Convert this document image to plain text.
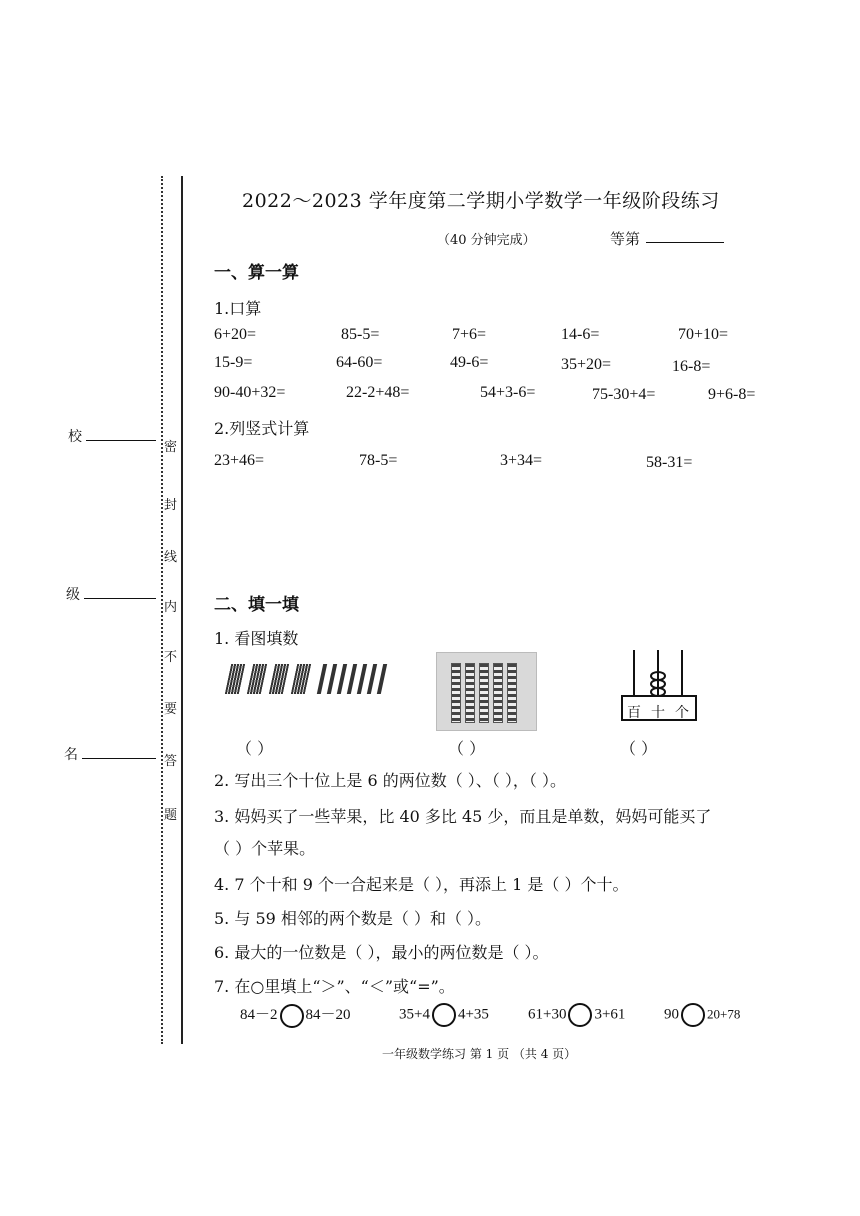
校
级
名
密
封
线
内
不
要
答
题
2022～2023 学年度第二学期小学数学一年级阶段练习
（40 分钟完成）	等第
一、算一算
1.口算
6+20=	85-5=	7+6=	14-6=	70+10=
15-9=	64-60=	49-6=	35+20=	16-8=
90-40+32=	22-2+48=	54+3-6=	75-30+4=	9+6-8=
2.列竖式计算
23+46=	78-5=	3+34=	58-31=
二、填一填
1. 看图填数
百 十 个
（ ）	（ ）	（ ）
2. 写出三个十位上是 6 的两位数（ ）、（ ），（ ）。
3. 妈妈买了一些苹果，比 40 多比 45 少，而且是单数，妈妈可能买了
（ ）个苹果。
4. 7 个十和 9 个一合起来是（ ），再添上 1 是（ ）个十。
5. 与 59 相邻的两个数是（ ）和（ ）。
6. 最大的一位数是（ ），最小的两位数是（ ）。
7. 在○里填上“＞”、“＜”或“=”。
84－2 84－20	35+4 4+35	61+30 3+61	90 20+78
一年级数学练习 第 1 页 （共 4 页）
